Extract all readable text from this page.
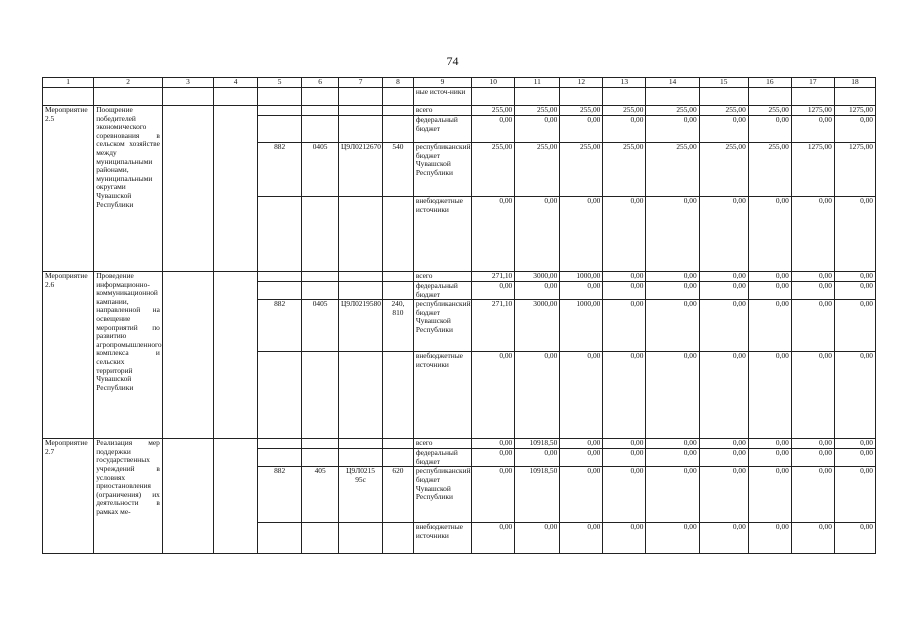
74
1	2	3	4	5	6	7	8	9	10	11	12	13	14	15	16	17	18
								ные источ-ники									
Мероприятие 2.5	Поощрение победителей экономического соревнования в сельском хозяйстве между муниципальными районами, муниципальными округами Чувашской Республики							всего	255,00	255,00	255,00	255,00	255,00	255,00	255,00	1275,00	1275,00
								федеральный бюджет	0,00	0,00	0,00	0,00	0,00	0,00	0,00	0,00	0,00
				882	0405	Ц9Л0212670	540	республиканский бюджет Чувашской Республики	255,00	255,00	255,00	255,00	255,00	255,00	255,00	1275,00	1275,00
								внебюджетные источники	0,00	0,00	0,00	0,00	0,00	0,00	0,00	0,00	0,00
Мероприятие 2.6	Проведение информационно-коммуникационной кампании, направленной на освещение мероприятий по развитию агропромышленного комплекса и сельских территорий Чувашской Республики							всего	271,10	3000,00	1000,00	0,00	0,00	0,00	0,00	0,00	0,00
								федеральный бюджет	0,00	0,00	0,00	0,00	0,00	0,00	0,00	0,00	0,00
				882	0405	Ц9Л0219580	240, 810	республиканский бюджет Чувашской Республики	271,10	3000,00	1000,00	0,00	0,00	0,00	0,00	0,00	0,00
								внебюджетные источники	0,00	0,00	0,00	0,00	0,00	0,00	0,00	0,00	0,00
Мероприятие 2.7	Реализация мер поддержки государственных учреждений в условиях приостановления (ограничения) их деятельности в рамках ме-							всего	0,00	10918,50	0,00	0,00	0,00	0,00	0,00	0,00	0,00
								федеральный бюджет	0,00	0,00	0,00	0,00	0,00	0,00	0,00	0,00	0,00
				882	405	Ц9Л0215 95с	620	республиканский бюджет Чувашской Республики	0,00	10918,50	0,00	0,00	0,00	0,00	0,00	0,00	0,00
								внебюджетные источники	0,00	0,00	0,00	0,00	0,00	0,00	0,00	0,00	0,00
